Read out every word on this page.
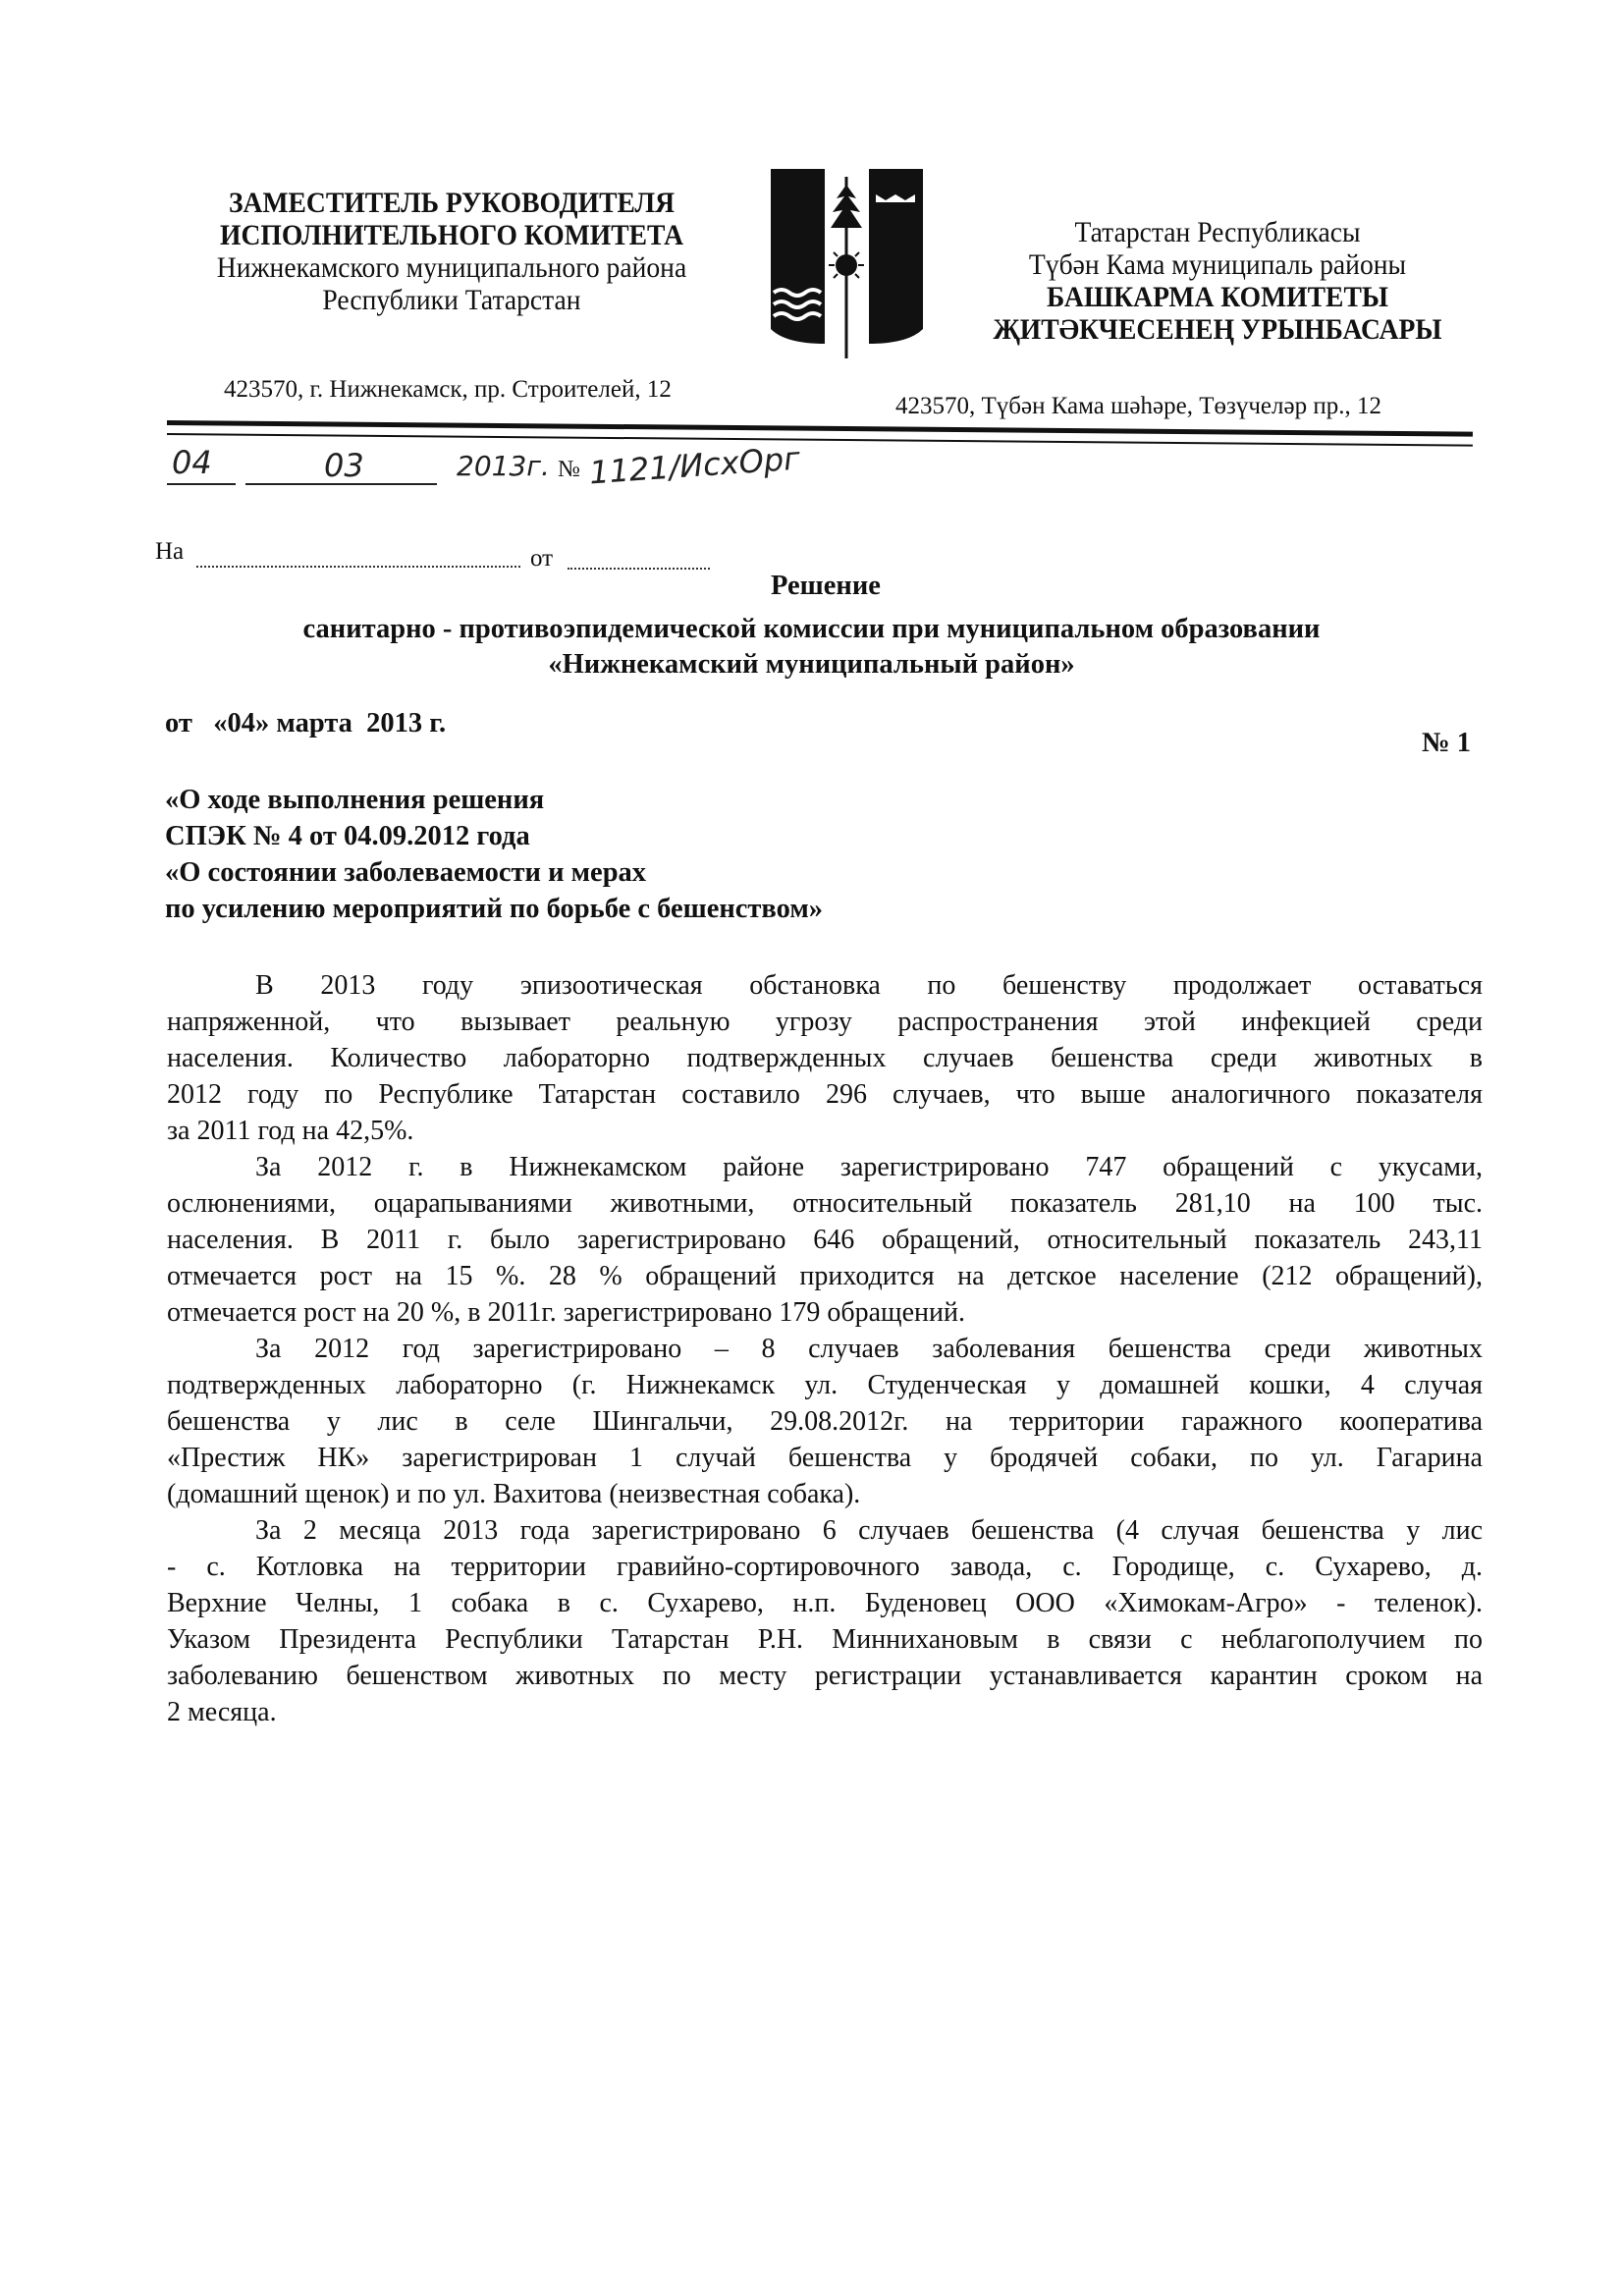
ЗАМЕСТИТЕЛЬ РУКОВОДИТЕЛЯ
ИСПОЛНИТЕЛЬНОГО КОМИТЕТА
Нижнекамского муниципального района
Республики Татарстан
Татарстан Республикасы
Түбән Кама муниципаль районы
БАШКАРМА КОМИТЕТЫ
ҖИТӘКЧЕСЕНЕҢ УРЫНБАСАРЫ
423570, г. Нижнекамск, пр. Строителей, 12
423570, Түбән Кама шәһәре, Төзүчеләр пр., 12
04	03	2013г. № 1121/ИсхОрг
На	от
Решение
санитарно - противоэпидемической комиссии при муниципальном образовании
«Нижнекамский муниципальный район»
от   «04» марта  2013 г.
№ 1
«О ходе выполнения решения
СПЭК № 4 от 04.09.2012 года
«О состоянии заболеваемости и мерах
по усилению мероприятий по борьбе с бешенством»
В 2013 году эпизоотическая обстановка по бешенству продолжает оставаться
напряженной, что вызывает реальную угрозу распространения этой инфекцией среди
населения. Количество лабораторно подтвержденных случаев бешенства среди животных в
2012 году по Республике Татарстан составило 296 случаев, что выше аналогичного показателя
за 2011 год на 42,5%.
За 2012 г. в Нижнекамском районе зарегистрировано 747 обращений с укусами,
ослюнениями, оцарапываниями животными, относительный показатель 281,10 на 100 тыс.
населения. В 2011 г. было зарегистрировано 646 обращений, относительный показатель 243,11
отмечается рост на 15 %. 28 % обращений приходится на детское население (212 обращений),
отмечается рост на 20 %, в 2011г. зарегистрировано 179 обращений.
За 2012 год зарегистрировано – 8 случаев заболевания бешенства среди животных
подтвержденных лабораторно (г. Нижнекамск ул. Студенческая у домашней кошки, 4 случая
бешенства у лис в селе Шингальчи, 29.08.2012г. на территории гаражного кооператива
«Престиж НК» зарегистрирован 1 случай бешенства у бродячей собаки, по ул. Гагарина
(домашний щенок) и по ул. Вахитова (неизвестная собака).
За 2 месяца 2013 года зарегистрировано 6 случаев бешенства (4 случая бешенства у лис
- с. Котловка на территории гравийно-сортировочного завода, с. Городище, с. Сухарево, д.
Верхние Челны, 1 собака в с. Сухарево, н.п. Буденовец ООО «Химокам-Агро» - теленок).
Указом Президента Республики Татарстан Р.Н. Миннихановым в связи с неблагополучием по
заболеванию бешенством животных по месту регистрации устанавливается карантин сроком на
2 месяца.
